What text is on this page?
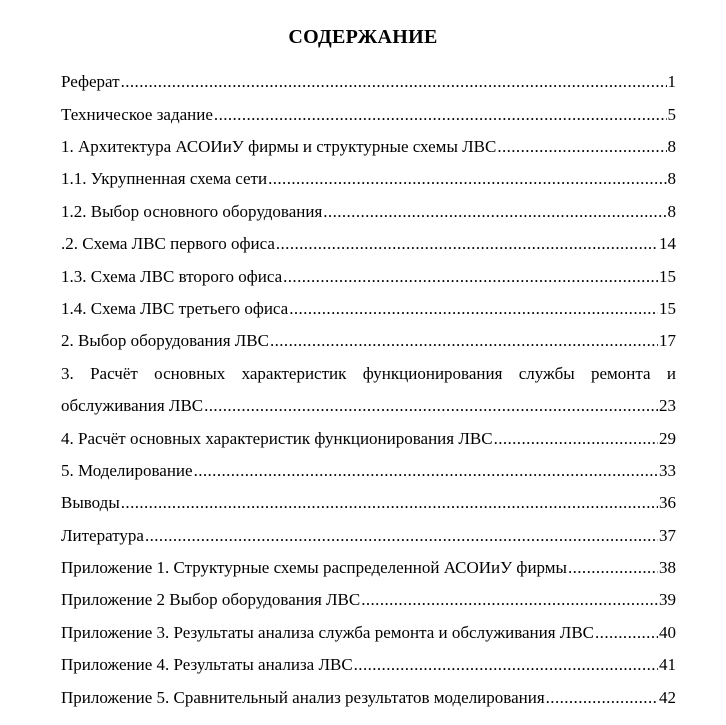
СОДЕРЖАНИЕ
Реферат .....	1
Техническое задание .....	5
1. Архитектура АСОИиУ фирмы и структурные схемы ЛВС .....	8
1.1. Укрупненная схема сети .....	8
1.2. Выбор основного оборудования .....	8
.2. Схема ЛВС первого офиса .....	14
1.3. Схема ЛВС второго офиса .....	15
1.4. Схема ЛВС третьего офиса .....	15
2. Выбор оборудования ЛВС .....	17
3. Расчёт основных характеристик функционирования службы ремонта и
обслуживания ЛВС .....	23
4. Расчёт основных характеристик функционирования ЛВС .....	29
5. Моделирование .....	33
Выводы .....	36
Литература .....	37
Приложение 1. Структурные схемы распределенной АСОИиУ фирмы .....	38
Приложение 2 Выбор оборудования ЛВС .....	39
Приложение 3. Результаты анализа служба ремонта и обслуживания ЛВС .....	40
Приложение 4. Результаты анализа ЛВС .....	41
Приложение 5. Сравнительный анализ результатов моделирования .....	42
